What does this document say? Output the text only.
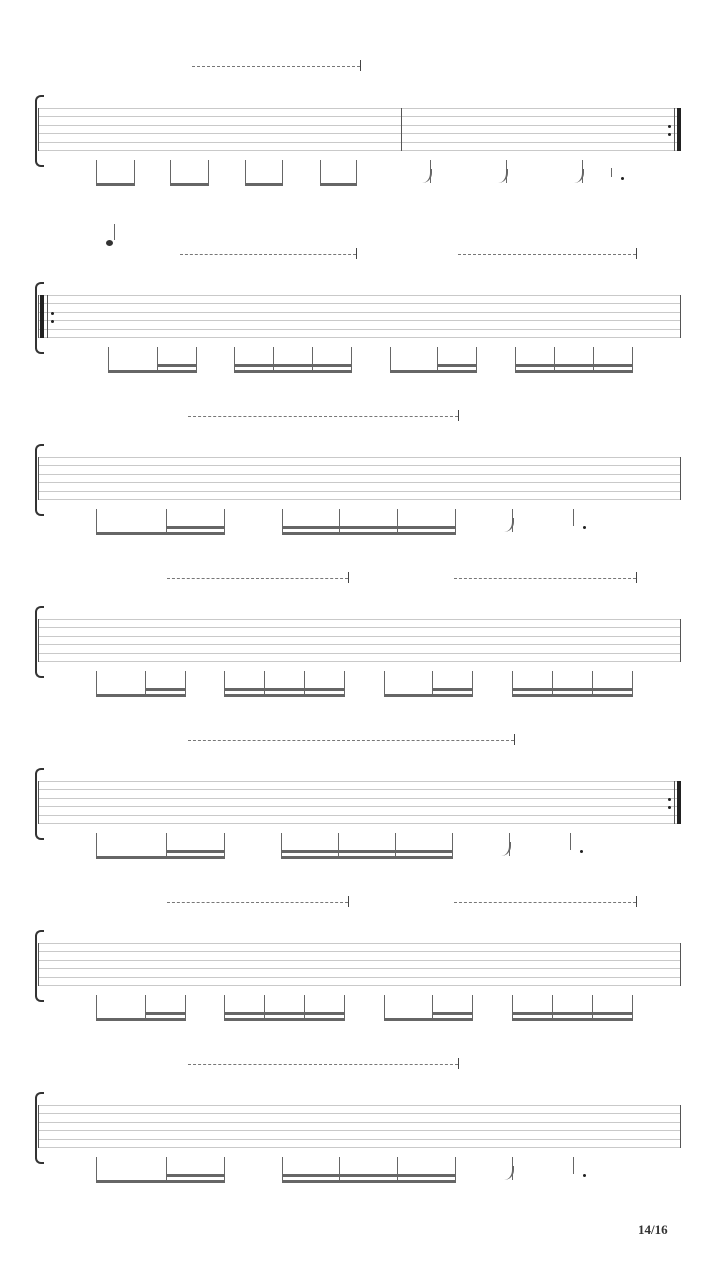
14/16
